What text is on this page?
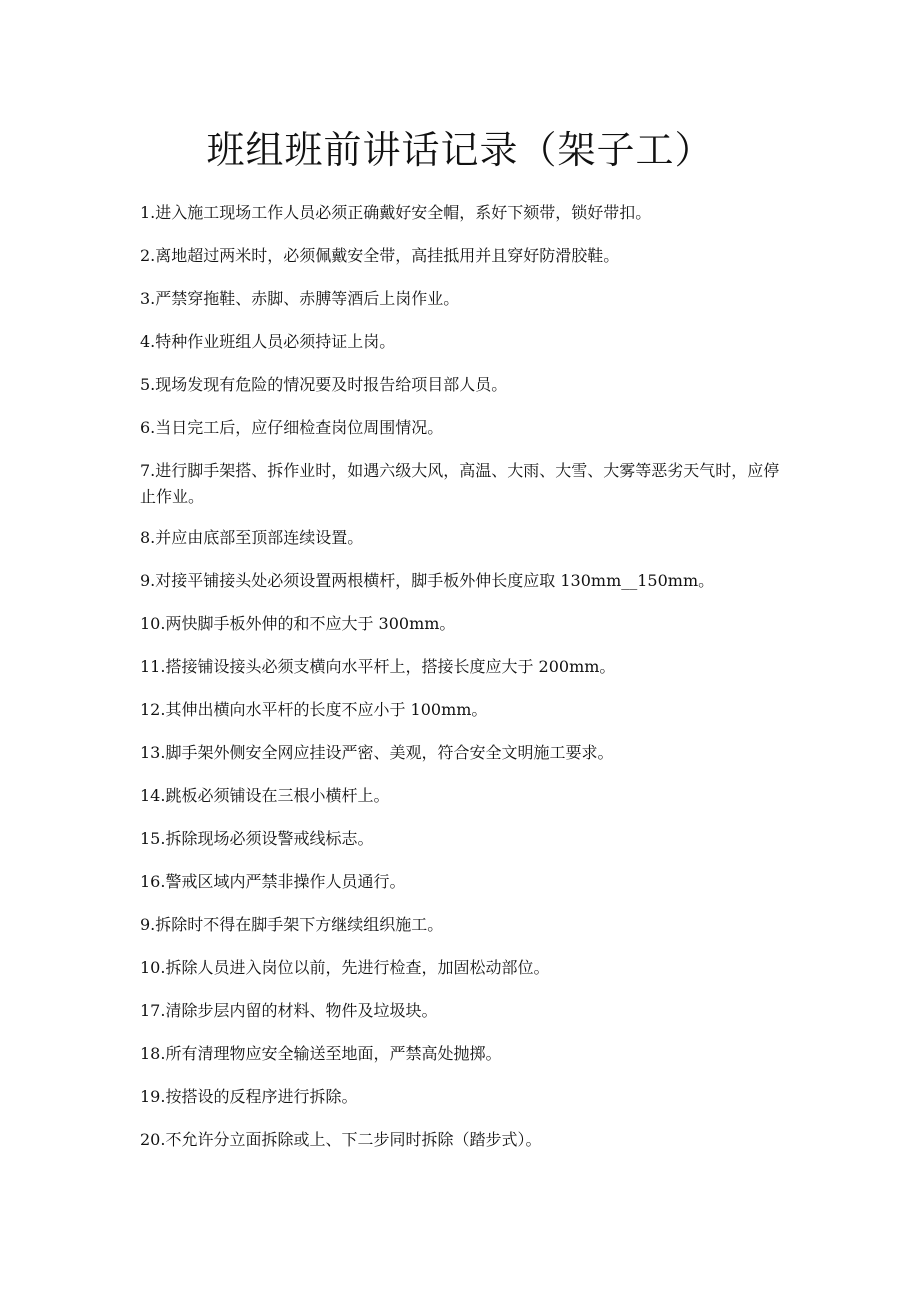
班组班前讲话记录（架子工）
1.进入施工现场工作人员必须正确戴好安全帽，系好下颏带，锁好带扣。
2.离地超过两米时，必须佩戴安全带，高挂抵用并且穿好防滑胶鞋。
3.严禁穿拖鞋、赤脚、赤膊等酒后上岗作业。
4.特种作业班组人员必须持证上岗。
5.现场发现有危险的情况要及时报告给项目部人员。
6.当日完工后，应仔细检查岗位周围情况。
7.进行脚手架搭、拆作业时，如遇六级大风，高温、大雨、大雪、大雾等恶劣天气时，应停止作业。
8.并应由底部至顶部连续设置。
9.对接平铺接头处必须设置两根横杆，脚手板外伸长度应取 130mm__150mm。
10.两快脚手板外伸的和不应大于 300mm。
11.搭接铺设接头必须支横向水平杆上，搭接长度应大于 200mm。
12.其伸出横向水平杆的长度不应小于 100mm。
13.脚手架外侧安全网应挂设严密、美观，符合安全文明施工要求。
14.跳板必须铺设在三根小横杆上。
15.拆除现场必须设警戒线标志。
16.警戒区域内严禁非操作人员通行。
9.拆除时不得在脚手架下方继续组织施工。
10.拆除人员进入岗位以前，先进行检查，加固松动部位。
17.清除步层内留的材料、物件及垃圾块。
18.所有清理物应安全输送至地面，严禁高处抛掷。
19.按搭设的反程序进行拆除。
20.不允许分立面拆除或上、下二步同时拆除（踏步式）。
